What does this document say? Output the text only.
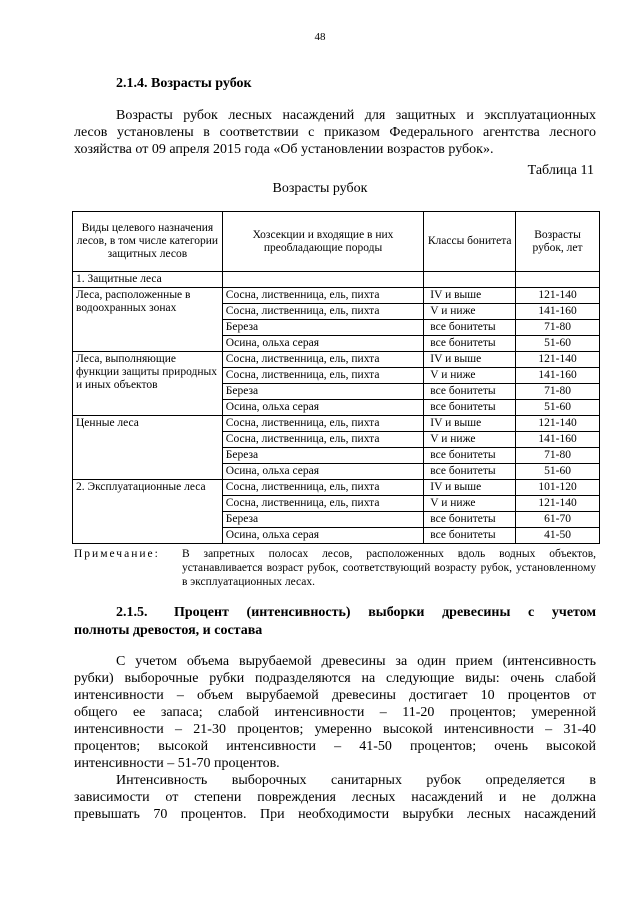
48
2.1.4. Возрасты рубок
Возрасты рубок лесных насаждений для защитных и эксплуатационных
лесов установлены в соответствии с приказом Федерального агентства лесного
хозяйства от 09 апреля 2015 года «Об установлении возрастов рубок».
Таблица 11
Возрасты рубок
Виды целевого назначения лесов, в том числе категории защитных лесов	Хозсекции и входящие в них преобладающие породы	Классы бонитета	Возрасты рубок, лет
1. Защитные леса			
Леса, расположенные в водоохранных зонах	Сосна, лиственница, ель, пихта	IV и выше	121-140
	Сосна, лиственница, ель, пихта	V и ниже	141-160
	Береза	все бонитеты	71-80
	Осина, ольха серая	все бонитеты	51-60
Леса, выполняющие функции защиты природных и иных объектов	Сосна, лиственница, ель, пихта	IV и выше	121-140
	Сосна, лиственница, ель, пихта	V и ниже	141-160
	Береза	все бонитеты	71-80
	Осина, ольха серая	все бонитеты	51-60
Ценные леса	Сосна, лиственница, ель, пихта	IV и выше	121-140
	Сосна, лиственница, ель, пихта	V и ниже	141-160
	Береза	все бонитеты	71-80
	Осина, ольха серая	все бонитеты	51-60
2. Эксплуатационные леса	Сосна, лиственница, ель, пихта	IV и выше	101-120
	Сосна, лиственница, ель, пихта	V и ниже	121-140
	Береза	все бонитеты	61-70
	Осина, ольха серая	все бонитеты	41-50
Примечание: В запретных полосах лесов, расположенных вдоль водных объектов, устанавливается возраст рубок, соответствующий возрасту рубок, установленному в эксплуатационных лесах.
2.1.5. Процент (интенсивность) выборки древесины с учетом
полноты древостоя, и состава
С учетом объема вырубаемой древесины за один прием (интенсивность
рубки) выборочные рубки подразделяются на следующие виды: очень слабой
интенсивности – объем вырубаемой древесины достигает 10 процентов от
общего ее запаса; слабой интенсивности – 11-20 процентов; умеренной
интенсивности – 21-30 процентов; умеренно высокой интенсивности – 31-40
процентов; высокой интенсивности – 41-50 процентов; очень высокой
интенсивности – 51-70 процентов.
Интенсивность выборочных санитарных рубок определяется в
зависимости от степени повреждения лесных насаждений и не должна
превышать 70 процентов. При необходимости вырубки лесных насаждений
